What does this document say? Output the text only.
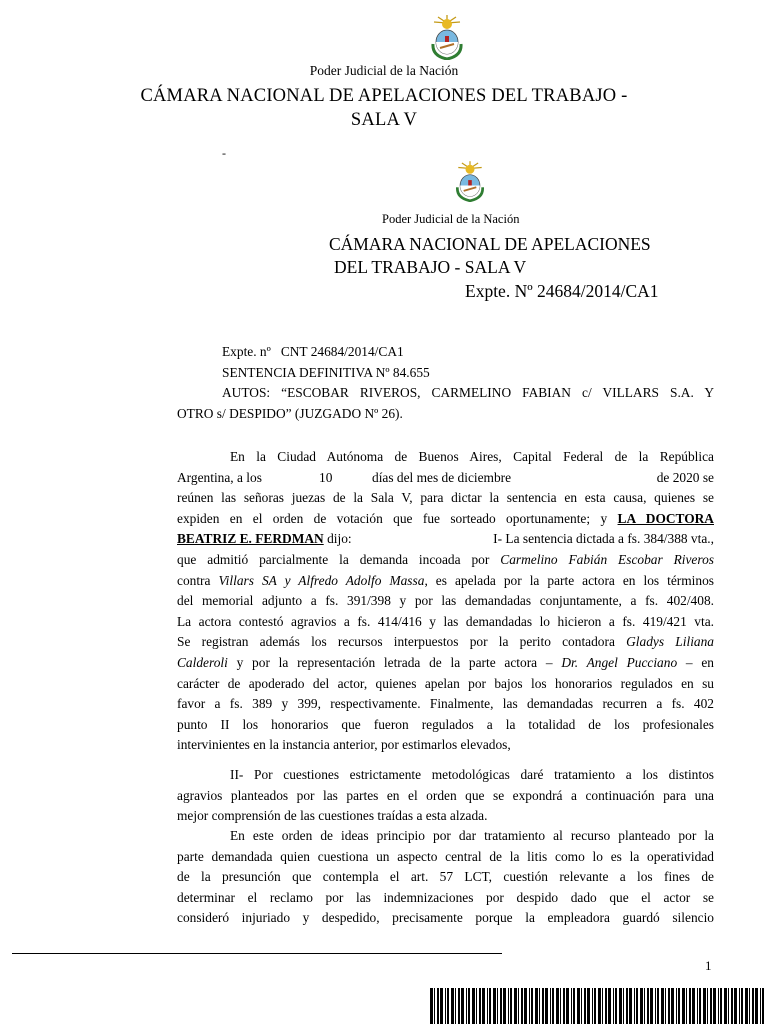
Poder Judicial de la Nación
CÁMARA NACIONAL DE APELACIONES DEL TRABAJO -
SALA V
-
Poder Judicial de la Nación
CÁMARA NACIONAL DE APELACIONES
DEL TRABAJO - SALA V
Expte. Nº 24684/2014/CA1

Expte. nº   CNT 24684/2014/CA1

SENTENCIA DEFINITIVA Nº 84.655

AUTOS: “ESCOBAR RIVEROS, CARMELINO FABIAN c/ VILLARS S.A. Y

OTRO s/ DESPIDO” (JUZGADO Nº 26).

En la Ciudad Autónoma de Buenos Aires, Capital Federal de la República

Argentina, a los	10	días del mes de diciembre	de 2020 se

reúnen las señoras juezas de la Sala V, para dictar la sentencia en esta causa, quienes se

expiden en el orden de votación que fue sorteado oportunamente; y LA DOCTORA

BEATRIZ E. FERDMAN dijo:	I- La sentencia dictada a fs. 384/388 vta.,

que admitió parcialmente la demanda incoada por Carmelino Fabián Escobar Riveros

contra Villars SA y Alfredo Adolfo Massa, es apelada por la parte actora en los términos

del memorial adjunto a fs. 391/398 y por las demandadas conjuntamente, a fs. 402/408.

La actora contestó agravios a fs. 414/416 y las demandadas lo hicieron a fs. 419/421 vta.

Se registran además los recursos interpuestos por la perito contadora Gladys Liliana

Calderoli y por la representación letrada de la parte actora – Dr. Angel Pucciano – en

carácter de apoderado del actor, quienes apelan por bajos los honorarios regulados en su

favor a fs. 389 y 399, respectivamente. Finalmente, las demandadas recurren a fs. 402

punto II los honorarios que fueron regulados a la totalidad de los profesionales

intervinientes en la instancia anterior, por estimarlos elevados,

II- Por cuestiones estrictamente metodológicas daré tratamiento a los distintos

agravios planteados por las partes en el orden que se expondrá a continuación para una

mejor comprensión de las cuestiones traídas a esta alzada.

En este orden de ideas principio por dar tratamiento al recurso planteado por la

parte demandada quien cuestiona un aspecto central de la litis como lo es la operatividad

de la presunción que contempla el art. 57 LCT, cuestión relevante a los fines de

determinar el reclamo por las indemnizaciones por despido dado que el actor se

consideró injuriado y despedido, precisamente porque la empleadora guardó silencio

1
